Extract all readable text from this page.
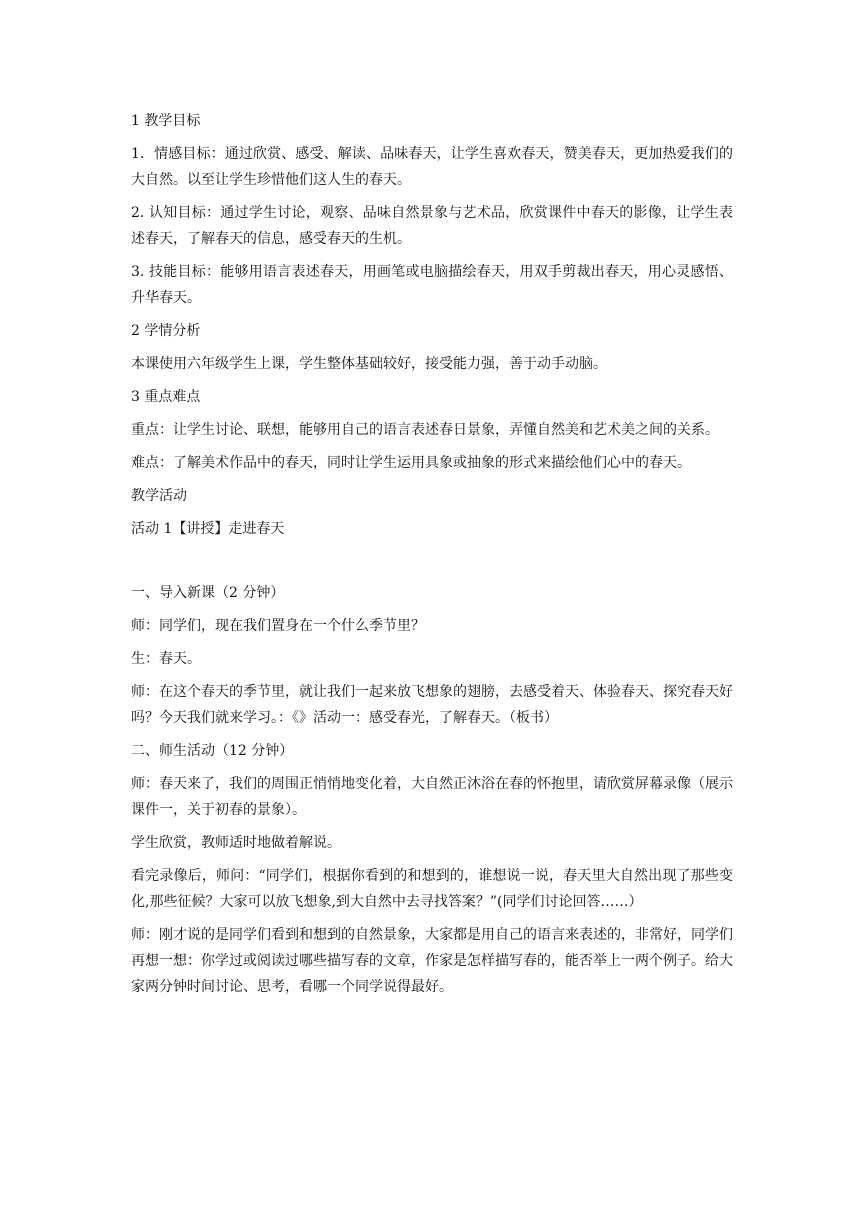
1 教学目标

1．情感目标：通过欣赏、感受、解读、品味春天，让学生喜欢春天，赞美春天，更加热爱我们的大自然。以至让学生珍惜他们这人生的春天。

2. 认知目标：通过学生讨论，观察、品味自然景象与艺术品，欣赏课件中春天的影像，让学生表述春天，了解春天的信息，感受春天的生机。

3. 技能目标：能够用语言表述春天，用画笔或电脑描绘春天，用双手剪裁出春天，用心灵感悟、升华春天。

2 学情分析

本课使用六年级学生上课，学生整体基础较好，接受能力强，善于动手动脑。

3 重点难点

重点：让学生讨论、联想，能够用自己的语言表述春日景象，弄懂自然美和艺术美之间的关系。

难点：了解美术作品中的春天，同时让学生运用具象或抽象的形式来描绘他们心中的春天。

教学活动

活动 1【讲授】走进春天

一、导入新课（2 分钟）

师：同学们，现在我们置身在一个什么季节里？

生：春天。

师：在这个春天的季节里，就让我们一起来放飞想象的翅膀，去感受着天、体验春天、探究春天好吗？今天我们就来学习。：《》活动一：感受春光，了解春天。（板书）

二、师生活动（12 分钟）

师：春天来了，我们的周围正悄悄地变化着，大自然正沐浴在春的怀抱里，请欣赏屏幕录像（展示课件一，关于初春的景象）。

学生欣赏，教师适时地做着解说。

看完录像后，师问：“同学们，根据你看到的和想到的，谁想说一说，春天里大自然出现了那些变化,那些征候？大家可以放飞想象,到大自然中去寻找答案？”(同学们讨论回答……）

师：刚才说的是同学们看到和想到的自然景象，大家都是用自己的语言来表述的，非常好，同学们再想一想：你学过或阅读过哪些描写春的文章，作家是怎样描写春的，能否举上一两个例子。给大家两分钟时间讨论、思考，看哪一个同学说得最好。
